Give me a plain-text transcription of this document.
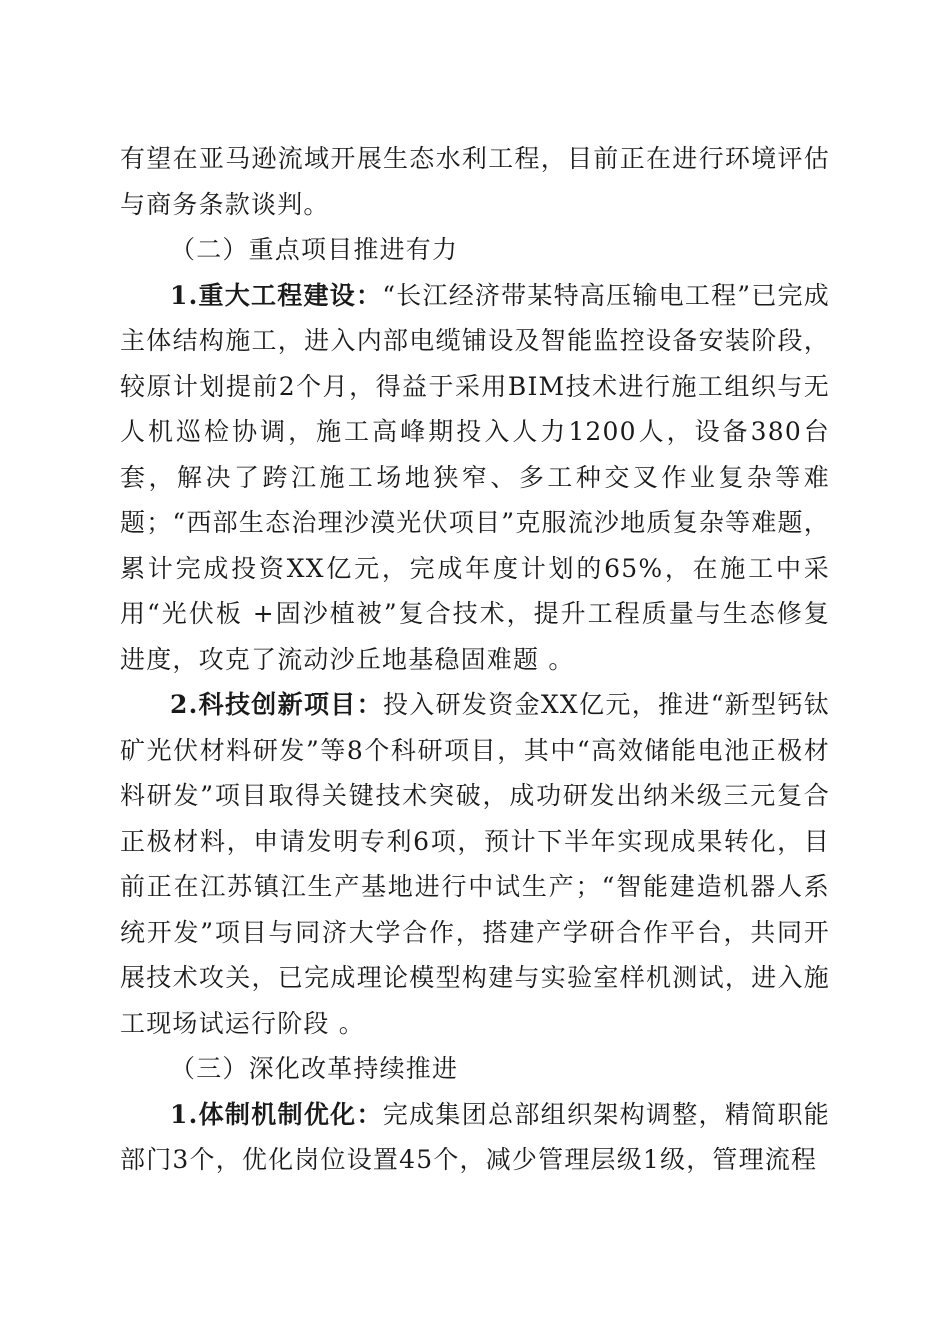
有望在亚马逊流域开展生态水利工程，目前正在进行环境评估与商务条款谈判。

（二）重点项目推进有力

1.重大工程建设：“长江经济带某特高压输电工程”已完成主体结构施工，进入内部电缆铺设及智能监控设备安装阶段，较原计划提前2个月，得益于采用BIM技术进行施工组织与无人机巡检协调，施工高峰期投入人力1200人，设备380台套，解决了跨江施工场地狭窄、多工种交叉作业复杂等难题；“西部生态治理沙漠光伏项目”克服流沙地质复杂等难题，累计完成投资XX亿元，完成年度计划的65%，在施工中采用“光伏板 +固沙植被”复合技术，提升工程质量与生态修复进度，攻克了流动沙丘地基稳固难题 。

2.科技创新项目：投入研发资金XX亿元，推进“新型钙钛矿光伏材料研发”等8个科研项目，其中“高效储能电池正极材料研发”项目取得关键技术突破，成功研发出纳米级三元复合正极材料，申请发明专利6项，预计下半年实现成果转化，目前正在江苏镇江生产基地进行中试生产；“智能建造机器人系统开发”项目与同济大学合作，搭建产学研合作平台，共同开展技术攻关，已完成理论模型构建与实验室样机测试，进入施工现场试运行阶段 。

（三）深化改革持续推进

1.体制机制优化：完成集团总部组织架构调整，精简职能部门3个，优化岗位设置45个，减少管理层级1级，管理流程
